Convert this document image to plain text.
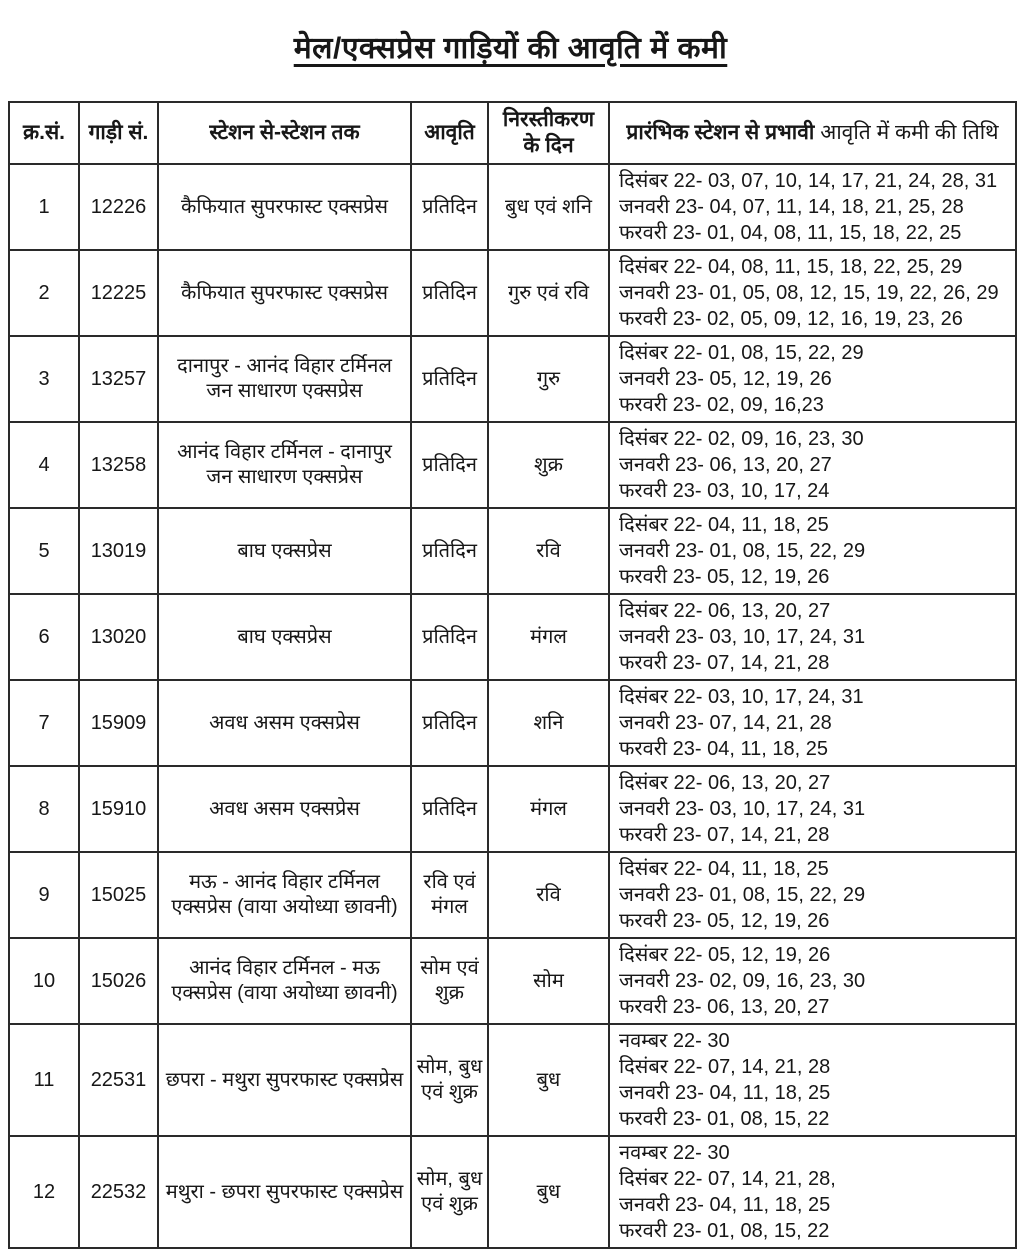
मेल/एक्सप्रेस गाड़ियों की आवृति में कमी
क्र.सं.	गाड़ी सं.	स्टेशन से-स्टेशन तक	आवृति	निरस्तीकरण के दिन	प्रारंभिक स्टेशन से प्रभावी आवृति में कमी की तिथि
1	12226	कैफियात सुपरफास्ट एक्सप्रेस	प्रतिदिन	बुध एवं शनि	दिसंबर 22- 03, 07, 10, 14, 17, 21, 24, 28, 31
जनवरी 23- 04, 07, 11, 14, 18, 21, 25, 28
फरवरी 23- 01, 04, 08, 11, 15, 18, 22, 25

2	12225	कैफियात सुपरफास्ट एक्सप्रेस	प्रतिदिन	गुरु एवं रवि	दिसंबर 22- 04, 08, 11, 15, 18, 22, 25, 29
जनवरी 23- 01, 05, 08, 12, 15, 19, 22, 26, 29
फरवरी 23- 02, 05, 09, 12, 16, 19, 23, 26

3	13257	दानापुर - आनंद विहार टर्मिनल जन साधारण एक्सप्रेस	प्रतिदिन	गुरु	दिसंबर 22- 01, 08, 15, 22, 29
जनवरी 23- 05, 12, 19, 26
फरवरी 23- 02, 09, 16,23

4	13258	आनंद विहार टर्मिनल - दानापुर जन साधारण एक्सप्रेस	प्रतिदिन	शुक्र	दिसंबर 22- 02, 09, 16, 23, 30
जनवरी 23- 06, 13, 20, 27
फरवरी 23- 03, 10, 17, 24

5	13019	बाघ एक्सप्रेस	प्रतिदिन	रवि	दिसंबर 22- 04, 11, 18, 25
जनवरी 23- 01, 08, 15, 22, 29
फरवरी 23- 05, 12, 19, 26

6	13020	बाघ एक्सप्रेस	प्रतिदिन	मंगल	दिसंबर 22- 06, 13, 20, 27
जनवरी 23- 03, 10, 17, 24, 31
फरवरी 23- 07, 14, 21, 28

7	15909	अवध असम एक्सप्रेस	प्रतिदिन	शनि	दिसंबर 22- 03, 10, 17, 24, 31
जनवरी 23- 07, 14, 21, 28
फरवरी 23- 04, 11, 18, 25

8	15910	अवध असम एक्सप्रेस	प्रतिदिन	मंगल	दिसंबर 22- 06, 13, 20, 27
जनवरी 23- 03, 10, 17, 24, 31
फरवरी 23- 07, 14, 21, 28

9	15025	मऊ - आनंद विहार टर्मिनल एक्सप्रेस (वाया अयोध्या छावनी)	रवि एवं मंगल	रवि	दिसंबर 22- 04, 11, 18, 25
जनवरी 23- 01, 08, 15, 22, 29
फरवरी 23- 05, 12, 19, 26

10	15026	आनंद विहार टर्मिनल - मऊ एक्सप्रेस (वाया अयोध्या छावनी)	सोम एवं शुक्र	सोम	दिसंबर 22- 05, 12, 19, 26
जनवरी 23- 02, 09, 16, 23, 30
फरवरी 23- 06, 13, 20, 27

11	22531	छपरा - मथुरा सुपरफास्ट एक्सप्रेस	सोम, बुध एवं शुक्र	बुध	नवम्बर 22- 30
दिसंबर 22- 07, 14, 21, 28
जनवरी 23- 04, 11, 18, 25
फरवरी 23- 01, 08, 15, 22

12	22532	मथुरा - छपरा सुपरफास्ट एक्सप्रेस	सोम, बुध एवं शुक्र	बुध	नवम्बर 22- 30
दिसंबर 22- 07, 14, 21, 28,
जनवरी 23- 04, 11, 18, 25
फरवरी 23- 01, 08, 15, 22
